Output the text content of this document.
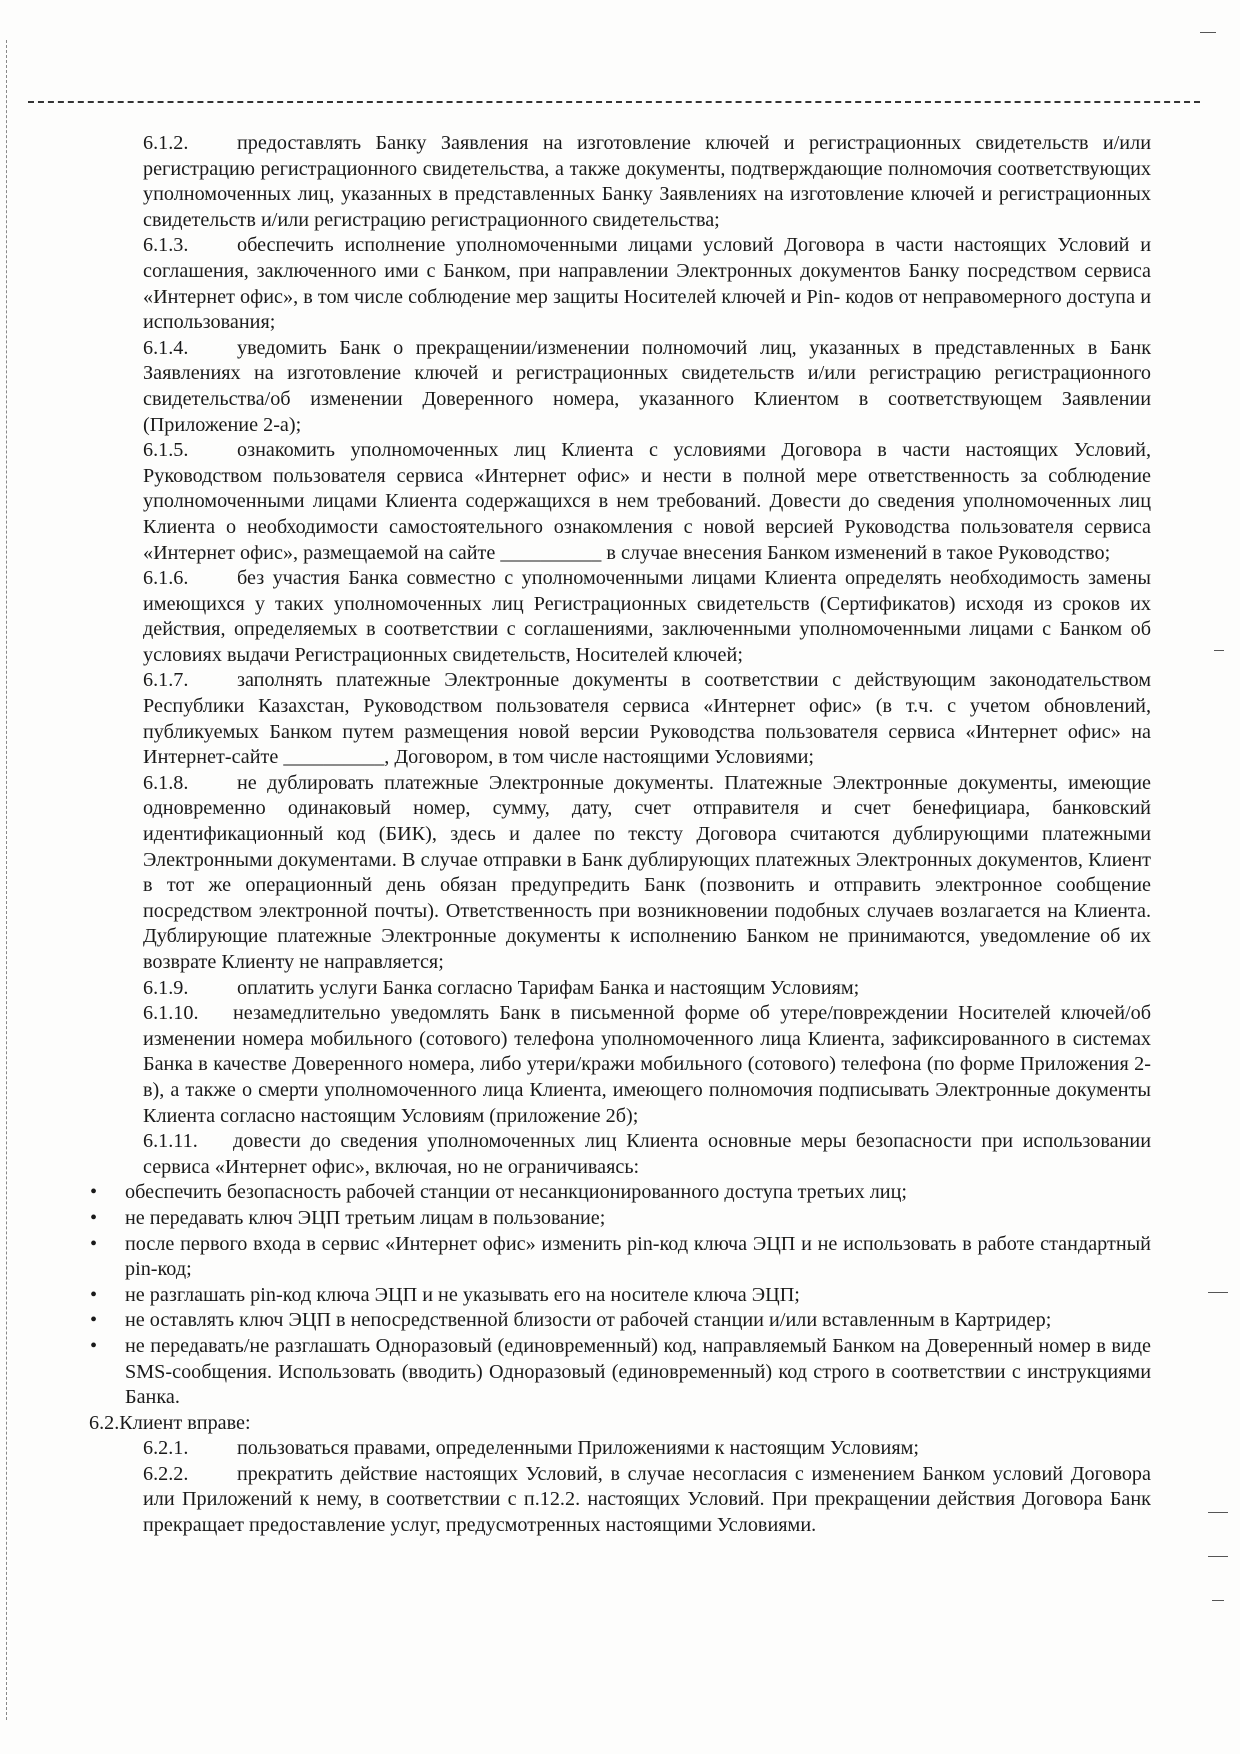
6.1.2. предоставлять Банку Заявления на изготовление ключей и регистрационных свидетельств и/или регистрацию регистрационного свидетельства, а также документы, подтверждающие полномочия соответствующих уполномоченных лиц, указанных в представленных Банку Заявлениях на изготовление ключей и регистрационных свидетельств и/или регистрацию регистрационного свидетельства;

6.1.3. обеспечить исполнение уполномоченными лицами условий Договора в части настоящих Условий и соглашения, заключенного ими с Банком, при направлении Электронных документов Банку посредством сервиса «Интернет офис», в том числе соблюдение мер защиты Носителей ключей и Pin- кодов от неправомерного доступа и использования;

6.1.4. уведомить Банк о прекращении/изменении полномочий лиц, указанных в представленных в Банк Заявлениях на изготовление ключей и регистрационных свидетельств и/или регистрацию регистрационного свидетельства/об изменении Доверенного номера, указанного Клиентом в соответствующем Заявлении (Приложение 2-а);

6.1.5. ознакомить уполномоченных лиц Клиента с условиями Договора в части настоящих Условий, Руководством пользователя сервиса «Интернет офис» и нести в полной мере ответственность за соблюдение уполномоченными лицами Клиента содержащихся в нем требований. Довести до сведения уполномоченных лиц Клиента о необходимости самостоятельного ознакомления с новой версией Руководства пользователя сервиса «Интернет офис», размещаемой на сайте __________ в случае внесения Банком изменений в такое Руководство;

6.1.6. без участия Банка совместно с уполномоченными лицами Клиента определять необходимость замены имеющихся у таких уполномоченных лиц Регистрационных свидетельств (Сертификатов) исходя из сроков их действия, определяемых в соответствии с соглашениями, заключенными уполномоченными лицами с Банком об условиях выдачи Регистрационных свидетельств, Носителей ключей;

6.1.7. заполнять платежные Электронные документы в соответствии с действующим законодательством Республики Казахстан, Руководством пользователя сервиса «Интернет офис» (в т.ч. с учетом обновлений, публикуемых Банком путем размещения новой версии Руководства пользователя сервиса «Интернет офис» на Интернет-сайте __________, Договором, в том числе настоящими Условиями;

6.1.8. не дублировать платежные Электронные документы. Платежные Электронные документы, имеющие одновременно одинаковый номер, сумму, дату, счет отправителя и счет бенефициара, банковский идентификационный код (БИК), здесь и далее по тексту Договора считаются дублирующими платежными Электронными документами. В случае отправки в Банк дублирующих платежных Электронных документов, Клиент в тот же операционный день обязан предупредить Банк (позвонить и отправить электронное сообщение посредством электронной почты). Ответственность при возникновении подобных случаев возлагается на Клиента. Дублирующие платежные Электронные документы к исполнению Банком не принимаются, уведомление об их возврате Клиенту не направляется;

6.1.9. оплатить услуги Банка согласно Тарифам Банка и настоящим Условиям;

6.1.10. незамедлительно уведомлять Банк в письменной форме об утере/повреждении Носителей ключей/об изменении номера мобильного (сотового) телефона уполномоченного лица Клиента, зафиксированного в системах Банка в качестве Доверенного номера, либо утери/кражи мобильного (сотового) телефона (по форме Приложения 2-в), а также о смерти уполномоченного лица Клиента, имеющего полномочия подписывать Электронные документы Клиента согласно настоящим Условиям (приложение 2б);

6.1.11. довести до сведения уполномоченных лиц Клиента основные меры безопасности при использовании сервиса «Интернет офис», включая, но не ограничиваясь:

•	обеспечить безопасность рабочей станции от несанкционированного доступа третьих лиц;
•	не передавать ключ ЭЦП третьим лицам в пользование;
•	после первого входа в сервис «Интернет офис» изменить pin-код ключа ЭЦП и не использовать в работе стандартный pin-код;
•	не разглашать pin-код ключа ЭЦП и не указывать его на носителе ключа ЭЦП;
•	не оставлять ключ ЭЦП в непосредственной близости от рабочей станции и/или вставленным в Картридер;
•	не передавать/не разглашать Одноразовый (единовременный) код, направляемый Банком на Доверенный номер в виде SMS-сообщения. Использовать (вводить) Одноразовый (единовременный) код строго в соответствии с инструкциями Банка.

6.2.Клиент вправе:

6.2.1. пользоваться правами, определенными Приложениями к настоящим Условиям;

6.2.2. прекратить действие настоящих Условий, в случае несогласия с изменением Банком условий Договора или Приложений к нему, в соответствии с п.12.2. настоящих Условий. При прекращении действия Договора Банк прекращает предоставление услуг, предусмотренных настоящими Условиями.
